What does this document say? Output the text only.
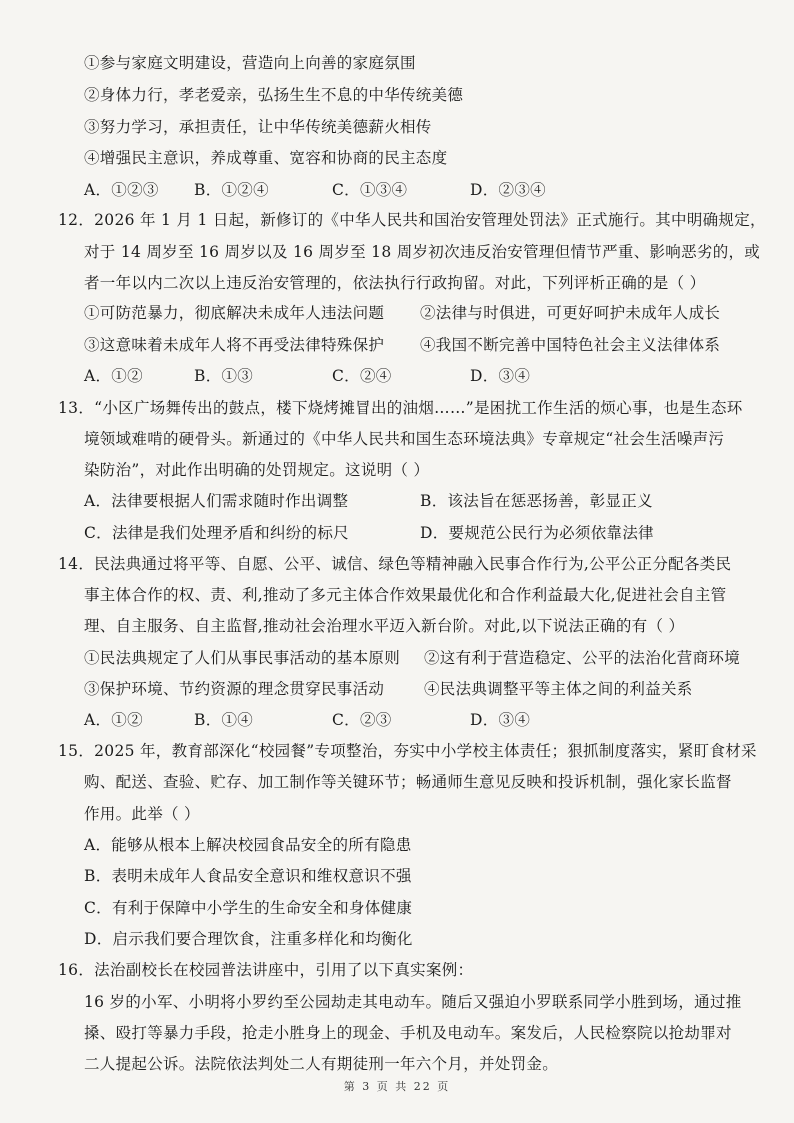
①参与家庭文明建设，营造向上向善的家庭氛围
②身体力行，孝老爱亲，弘扬生生不息的中华传统美德
③努力学习，承担责任，让中华传统美德薪火相传
④增强民主意识，养成尊重、宽容和协商的民主态度
A．①②③ B．①②④	C．①③④	D．②③④
12．2026 年 1 月 1 日起，新修订的《中华人民共和国治安管理处罚法》正式施行。其中明确规定，
对于 14 周岁至 16 周岁以及 16 周岁至 18 周岁初次违反治安管理但情节严重、影响恶劣的，或
者一年以内二次以上违反治安管理的，依法执行行政拘留。对此，下列评析正确的是（ ）
①可防范暴力，彻底解决未成年人违法问题 ②法律与时俱进，可更好呵护未成年人成长
③这意味着未成年人将不再受法律特殊保护 ④我国不断完善中国特色社会主义法律体系
A．①②	B．①③	C．②④	D．③④
13．“小区广场舞传出的鼓点，楼下烧烤摊冒出的油烟……”是困扰工作生活的烦心事，也是生态环
境领域难啃的硬骨头。新通过的《中华人民共和国生态环境法典》专章规定“社会生活噪声污
染防治”，对此作出明确的处罚规定。这说明（ ）
A．法律要根据人们需求随时作出调整	B．该法旨在惩恶扬善，彰显正义
C．法律是我们处理矛盾和纠纷的标尺	D．要规范公民行为必须依靠法律
14．民法典通过将平等、自愿、公平、诚信、绿色等精神融入民事合作行为,公平公正分配各类民
事主体合作的权、责、利,推动了多元主体合作效果最优化和合作利益最大化,促进社会自主管
理、自主服务、自主监督,推动社会治理水平迈入新台阶。对此,以下说法正确的有（ ）
①民法典规定了人们从事民事活动的基本原则 ②这有利于营造稳定、公平的法治化营商环境
③保护环境、节约资源的理念贯穿民事活动	④民法典调整平等主体之间的利益关系
A．①②	B．①④	C．②③	D．③④
15．2025 年，教育部深化“校园餐”专项整治，夯实中小学校主体责任；狠抓制度落实，紧盯食材采
购、配送、查验、贮存、加工制作等关键环节；畅通师生意见反映和投诉机制，强化家长监督
作用。此举（ ）
A．能够从根本上解决校园食品安全的所有隐患
B．表明未成年人食品安全意识和维权意识不强
C．有利于保障中小学生的生命安全和身体健康
D．启示我们要合理饮食，注重多样化和均衡化
16．法治副校长在校园普法讲座中，引用了以下真实案例：
16 岁的小军、小明将小罗约至公园劫走其电动车。随后又强迫小罗联系同学小胜到场，通过推
搡、殴打等暴力手段，抢走小胜身上的现金、手机及电动车。案发后，人民检察院以抢劫罪对
二人提起公诉。法院依法判处二人有期徒刑一年六个月，并处罚金。
第 3 页 共 22 页
